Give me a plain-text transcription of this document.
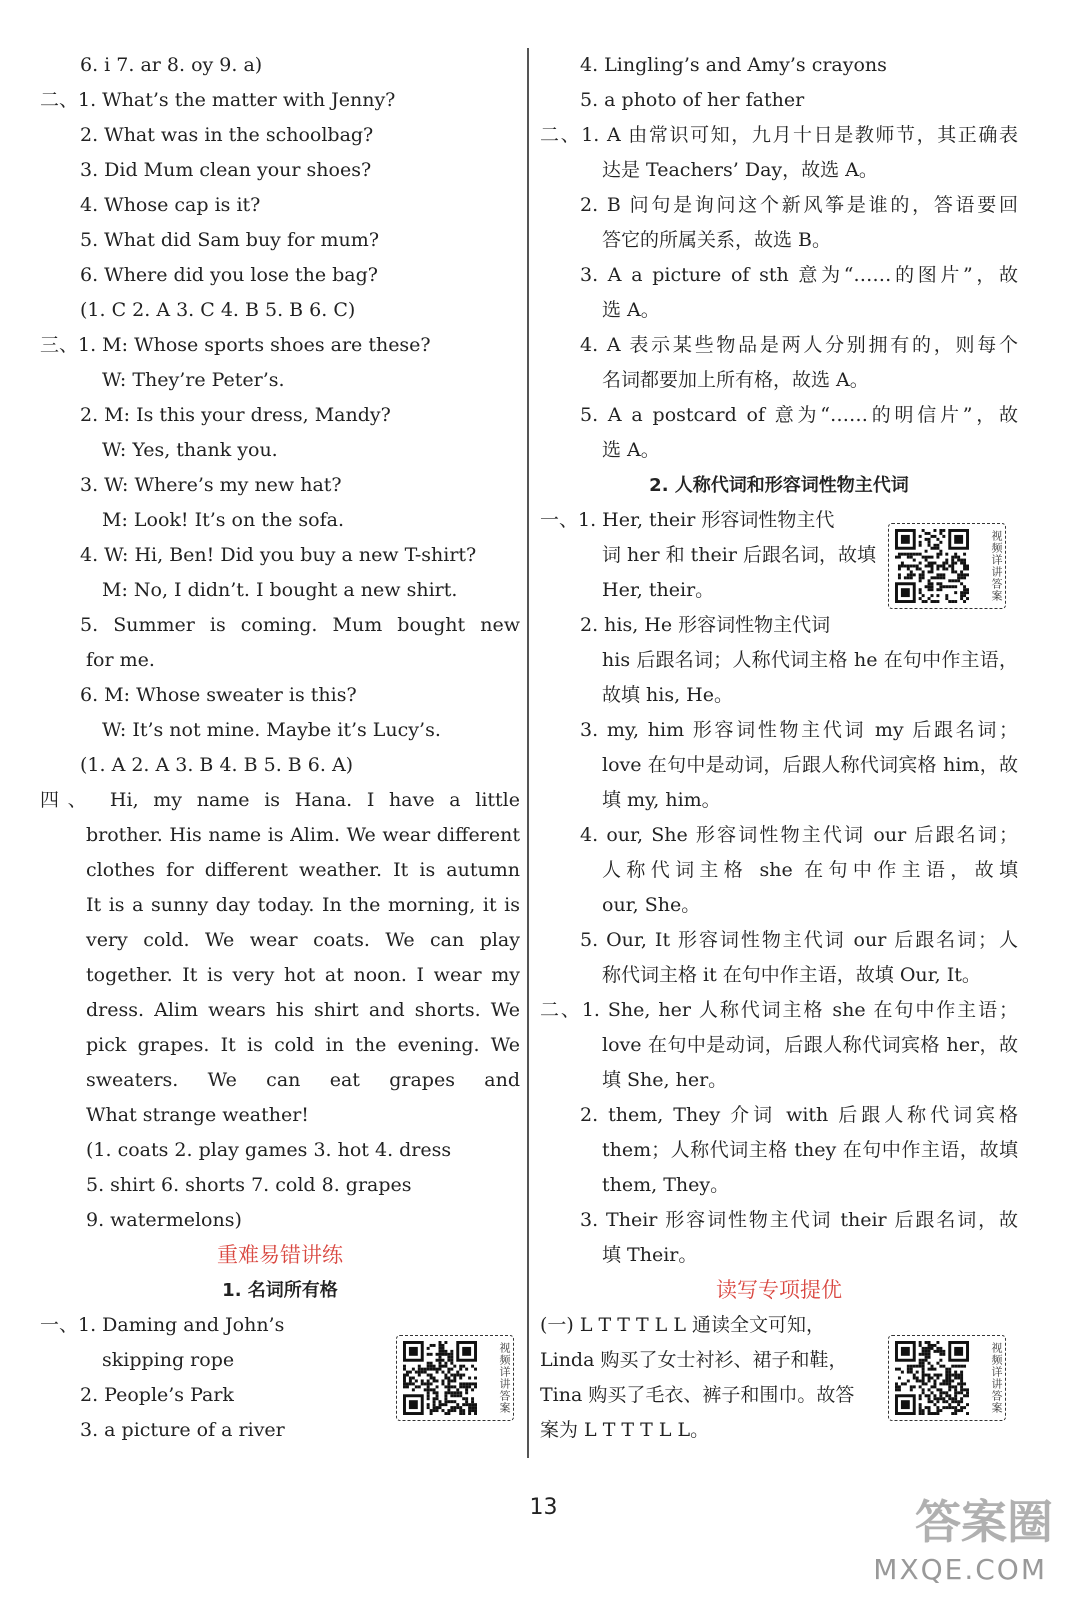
6. i 7. ar 8. oy 9. a)
二、1. What’s the matter with Jenny?
2. What was in the schoolbag?
3. Did Mum clean your shoes?
4. Whose cap is it?
5. What did Sam buy for mum?
6. Where did you lose the bag?
(1. C 2. A 3. C 4. B 5. B 6. C)
三、1. M: Whose sports shoes are these?
W: They’re Peter’s.
2. M: Is this your dress, Mandy?
W: Yes, thank you.
3. W: Where’s my new hat?
M: Look! It’s on the sofa.
4. W: Hi, Ben! Did you buy a new T-shirt?
M: No, I didn’t. I bought a new shirt.
5. Summer is coming. Mum bought new
for me.
6. M: Whose sweater is this?
W: It’s not mine. Maybe it’s Lucy’s.
(1. A 2. A 3. B 4. B 5. B 6. A)
四、 Hi, my name is Hana. I have a little
brother. His name is Alim. We wear different
clothes for different weather. It is autumn
It is a sunny day today. In the morning, it is
very cold. We wear coats. We can play
together. It is very hot at noon. I wear my
dress. Alim wears his shirt and shorts. We
pick grapes. It is cold in the evening. We
sweaters. We can eat grapes and
What strange weather!
(1. coats 2. play games 3. hot 4. dress
5. shirt 6. shorts 7. cold 8. grapes
9. watermelons)
重难易错讲练
1. 名词所有格
一、1. Daming and John’s
skipping rope
2. People’s Park
3. a picture of a river
4. Lingling’s and Amy’s crayons
5. a photo of her father
二、1. A 由常识可知，九月十日是教师节，其正确表
达是 Teachers’ Day，故选 A。
2. B 问句是询问这个新风筝是谁的，答语要回
答它的所属关系，故选 B。
3. A a picture of sth 意为“……的图片”，故
选 A。
4. A 表示某些物品是两人分别拥有的，则每个
名词都要加上所有格，故选 A。
5. A a postcard of 意为“……的明信片”，故
选 A。
2. 人称代词和形容词性物主代词
一、1. Her, their 形容词性物主代
词 her 和 their 后跟名词，故填
Her, their。
2. his, He 形容词性物主代词
his 后跟名词；人称代词主格 he 在句中作主语，
故填 his, He。
3. my, him 形容词性物主代词 my 后跟名词；
love 在句中是动词，后跟人称代词宾格 him，故
填 my, him。
4. our, She 形容词性物主代词 our 后跟名词；
人称代词主格 she 在句中作主语，故填
our, She。
5. Our, It 形容词性物主代词 our 后跟名词；人
称代词主格 it 在句中作主语，故填 Our, It。
二、1. She, her 人称代词主格 she 在句中作主语；
love 在句中是动词，后跟人称代词宾格 her，故
填 She, her。
2. them, They 介词 with 后跟人称代词宾格
them；人称代词主格 they 在句中作主语，故填
them, They。
3. Their 形容词性物主代词 their 后跟名词，故
填 Their。
读写专项提优
(一) L T T T L L 通读全文可知，
Linda 购买了女士衬衫、裙子和鞋，
Tina 购买了毛衣、裤子和围巾。故答
案为 L T T T L L。
视频详讲答案
视频详讲答案	视频详讲答案
13	答案圈
MXQE.COM
